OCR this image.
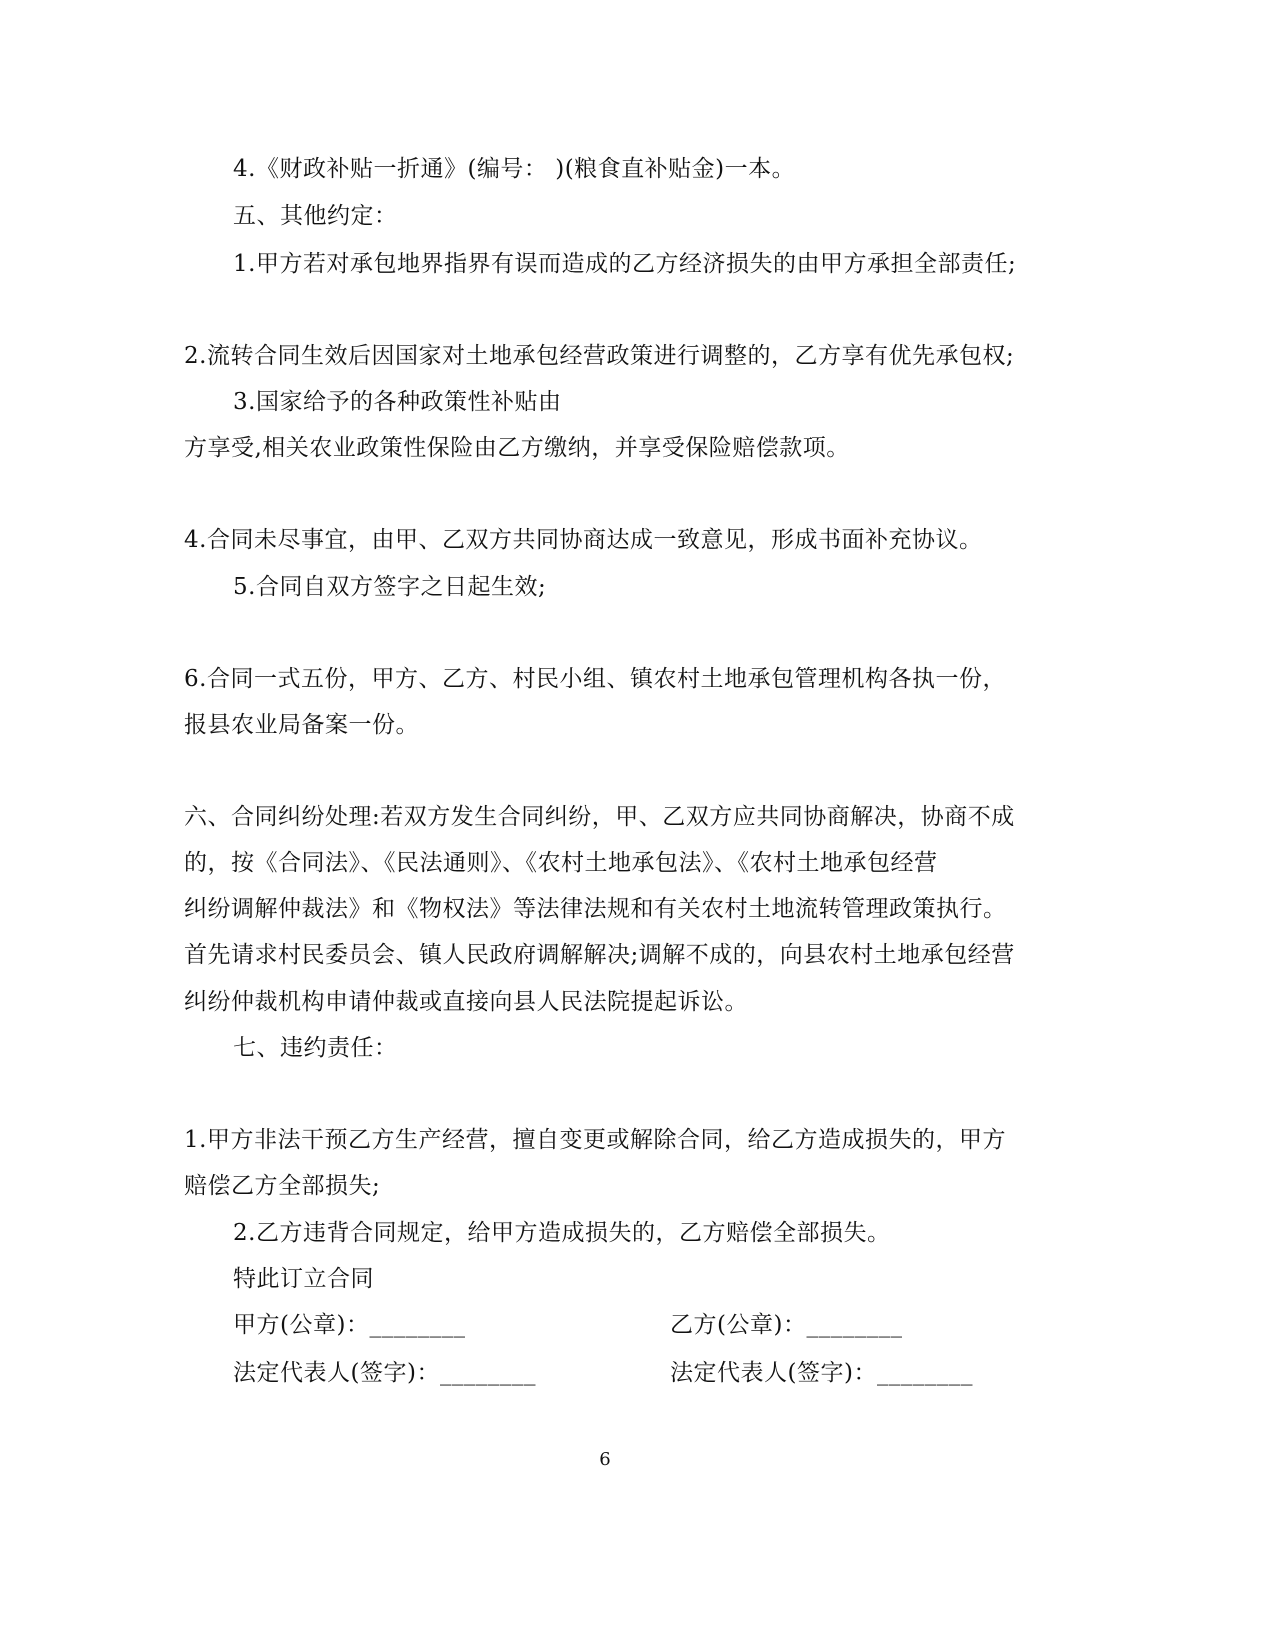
4.《财政补贴一折通》(编号： )(粮食直补贴金)一本。
五、其他约定：
1.甲方若对承包地界指界有误而造成的乙方经济损失的由甲方承担全部责任;
2.流转合同生效后因国家对土地承包经营政策进行调整的，乙方享有优先承包权;
3.国家给予的各种政策性补贴由
方享受,相关农业政策性保险由乙方缴纳，并享受保险赔偿款项。
4.合同未尽事宜，由甲、乙双方共同协商达成一致意见，形成书面补充协议。
5.合同自双方签字之日起生效;
6.合同一式五份，甲方、乙方、村民小组、镇农村土地承包管理机构各执一份，
报县农业局备案一份。
六、合同纠纷处理:若双方发生合同纠纷，甲、乙双方应共同协商解决，协商不成
的，按《合同法》、《民法通则》、《农村土地承包法》、《农村土地承包经营
纠纷调解仲裁法》和《物权法》等法律法规和有关农村土地流转管理政策执行。
首先请求村民委员会、镇人民政府调解解决;调解不成的，向县农村土地承包经营
纠纷仲裁机构申请仲裁或直接向县人民法院提起诉讼。
七、违约责任：
1.甲方非法干预乙方生产经营，擅自变更或解除合同，给乙方造成损失的，甲方
赔偿乙方全部损失;
2.乙方违背合同规定，给甲方造成损失的，乙方赔偿全部损失。
特此订立合同
甲方(公章)：________	乙方(公章)：________
法定代表人(签字)：________	法定代表人(签字)：________
6
